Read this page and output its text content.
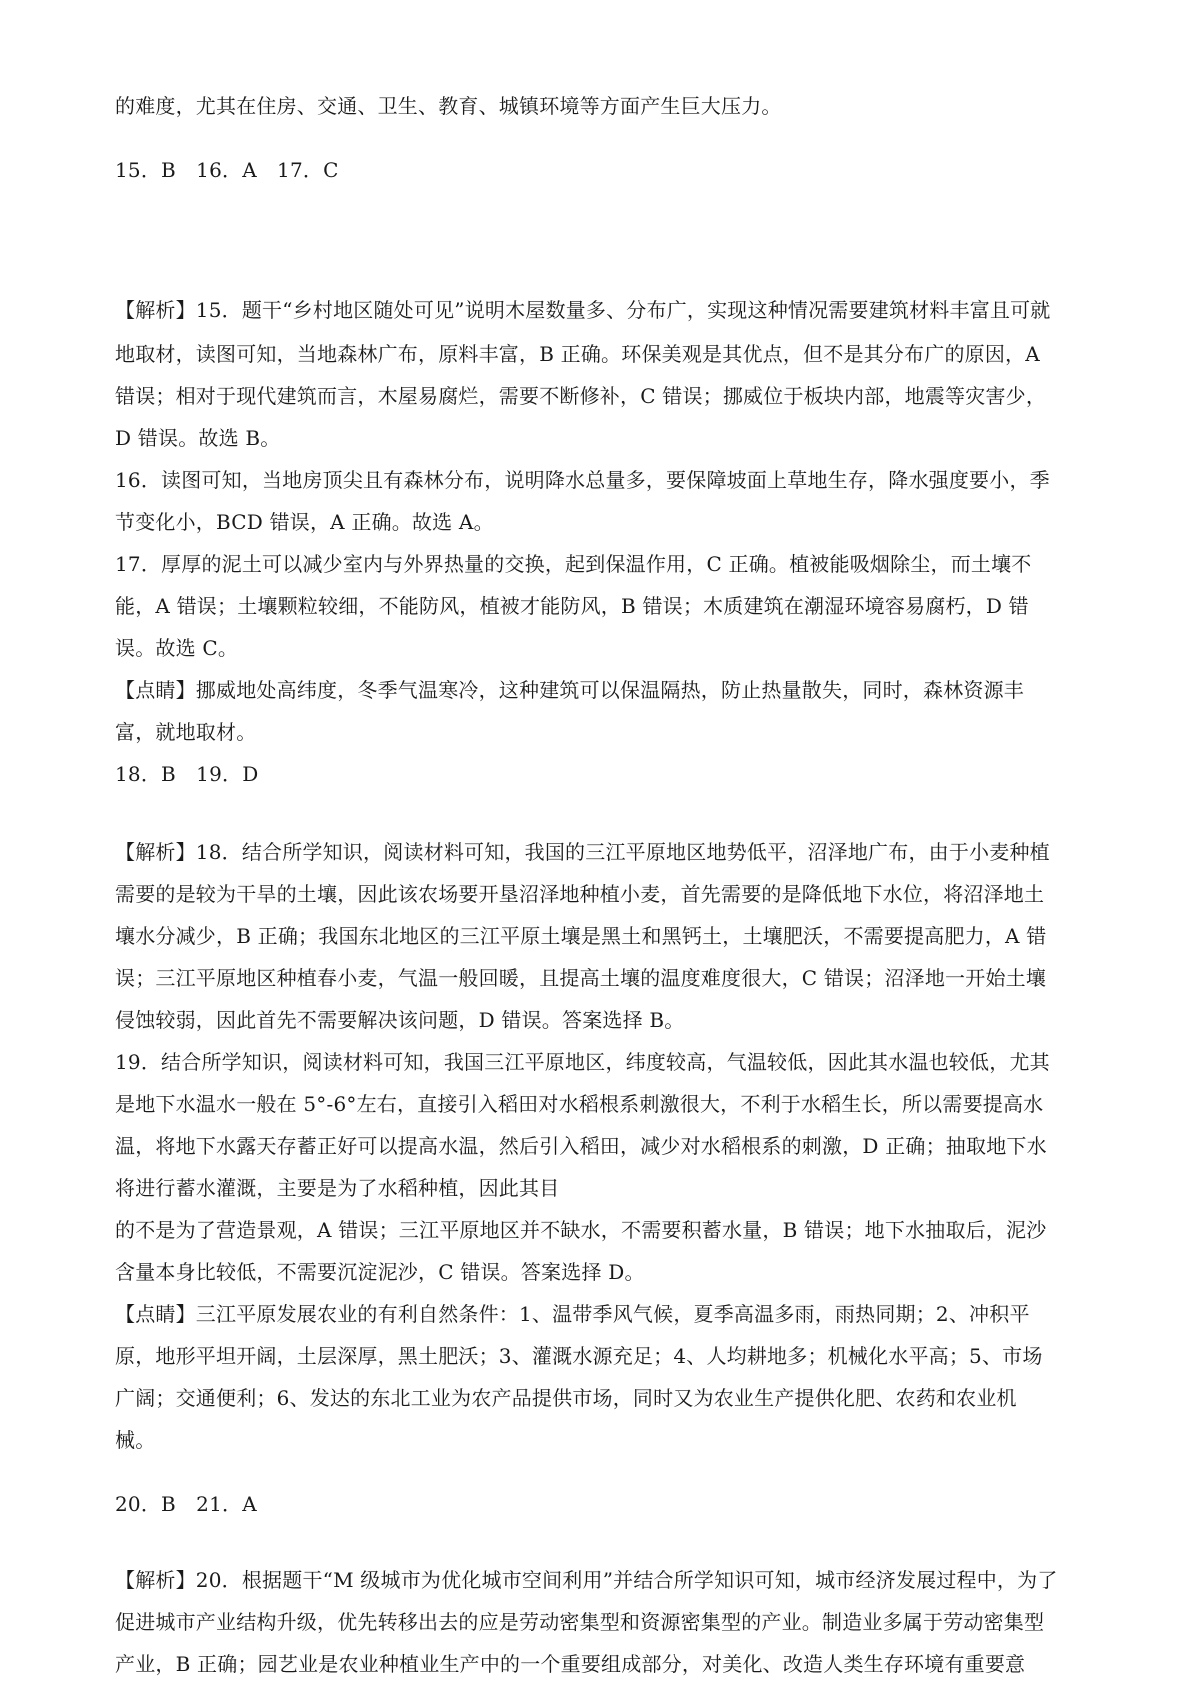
的难度，尤其在住房、交通、卫生、教育、城镇环境等方面产生巨大压力。
15．B　16．A　17．C
【解析】15．题干“乡村地区随处可见”说明木屋数量多、分布广，实现这种情况需要建筑材料丰富且可就
地取材，读图可知，当地森林广布，原料丰富，B 正确。环保美观是其优点，但不是其分布广的原因，A
错误；相对于现代建筑而言，木屋易腐烂，需要不断修补，C 错误；挪威位于板块内部，地震等灾害少，
D 错误。故选 B。
16．读图可知，当地房顶尖且有森林分布，说明降水总量多，要保障坡面上草地生存，降水强度要小，季
节变化小，BCD 错误，A 正确。故选 A。
17．厚厚的泥土可以减少室内与外界热量的交换，起到保温作用，C 正确。植被能吸烟除尘，而土壤不
能，A 错误；土壤颗粒较细，不能防风，植被才能防风，B 错误；木质建筑在潮湿环境容易腐朽，D 错
误。故选 C。
【点睛】挪威地处高纬度，冬季气温寒冷，这种建筑可以保温隔热，防止热量散失，同时，森林资源丰
富，就地取材。
18．B　19．D
【解析】18．结合所学知识，阅读材料可知，我国的三江平原地区地势低平，沼泽地广布，由于小麦种植
需要的是较为干旱的土壤，因此该农场要开垦沼泽地种植小麦，首先需要的是降低地下水位，将沼泽地土
壤水分减少，B 正确；我国东北地区的三江平原土壤是黑土和黑钙土，土壤肥沃，不需要提高肥力，A 错
误；三江平原地区种植春小麦，气温一般回暖，且提高土壤的温度难度很大，C 错误；沼泽地一开始土壤
侵蚀较弱，因此首先不需要解决该问题，D 错误。答案选择 B。
19．结合所学知识，阅读材料可知，我国三江平原地区，纬度较高，气温较低，因此其水温也较低，尤其
是地下水温水一般在 5°-6°左右，直接引入稻田对水稻根系刺激很大，不利于水稻生长，所以需要提高水
温，将地下水露天存蓄正好可以提高水温，然后引入稻田，减少对水稻根系的刺激，D 正确；抽取地下水
将进行蓄水灌溉，主要是为了水稻种植，因此其目
的不是为了营造景观，A 错误；三江平原地区并不缺水，不需要积蓄水量，B 错误；地下水抽取后，泥沙
含量本身比较低，不需要沉淀泥沙，C 错误。答案选择 D。
【点睛】三江平原发展农业的有利自然条件：1、温带季风气候，夏季高温多雨，雨热同期；2、冲积平
原，地形平坦开阔，土层深厚，黑土肥沃；3、灌溉水源充足；4、人均耕地多；机械化水平高；5、市场
广阔；交通便利；6、发达的东北工业为农产品提供市场，同时又为农业生产提供化肥、农药和农业机
械。
20．B　21．A
【解析】20．根据题干“M 级城市为优化城市空间利用”并结合所学知识可知，城市经济发展过程中，为了
促进城市产业结构升级，优先转移出去的应是劳动密集型和资源密集型的产业。制造业多属于劳动密集型
产业，B 正确；园艺业是农业种植业生产中的一个重要组成部分，对美化、改造人类生存环境有重要意
